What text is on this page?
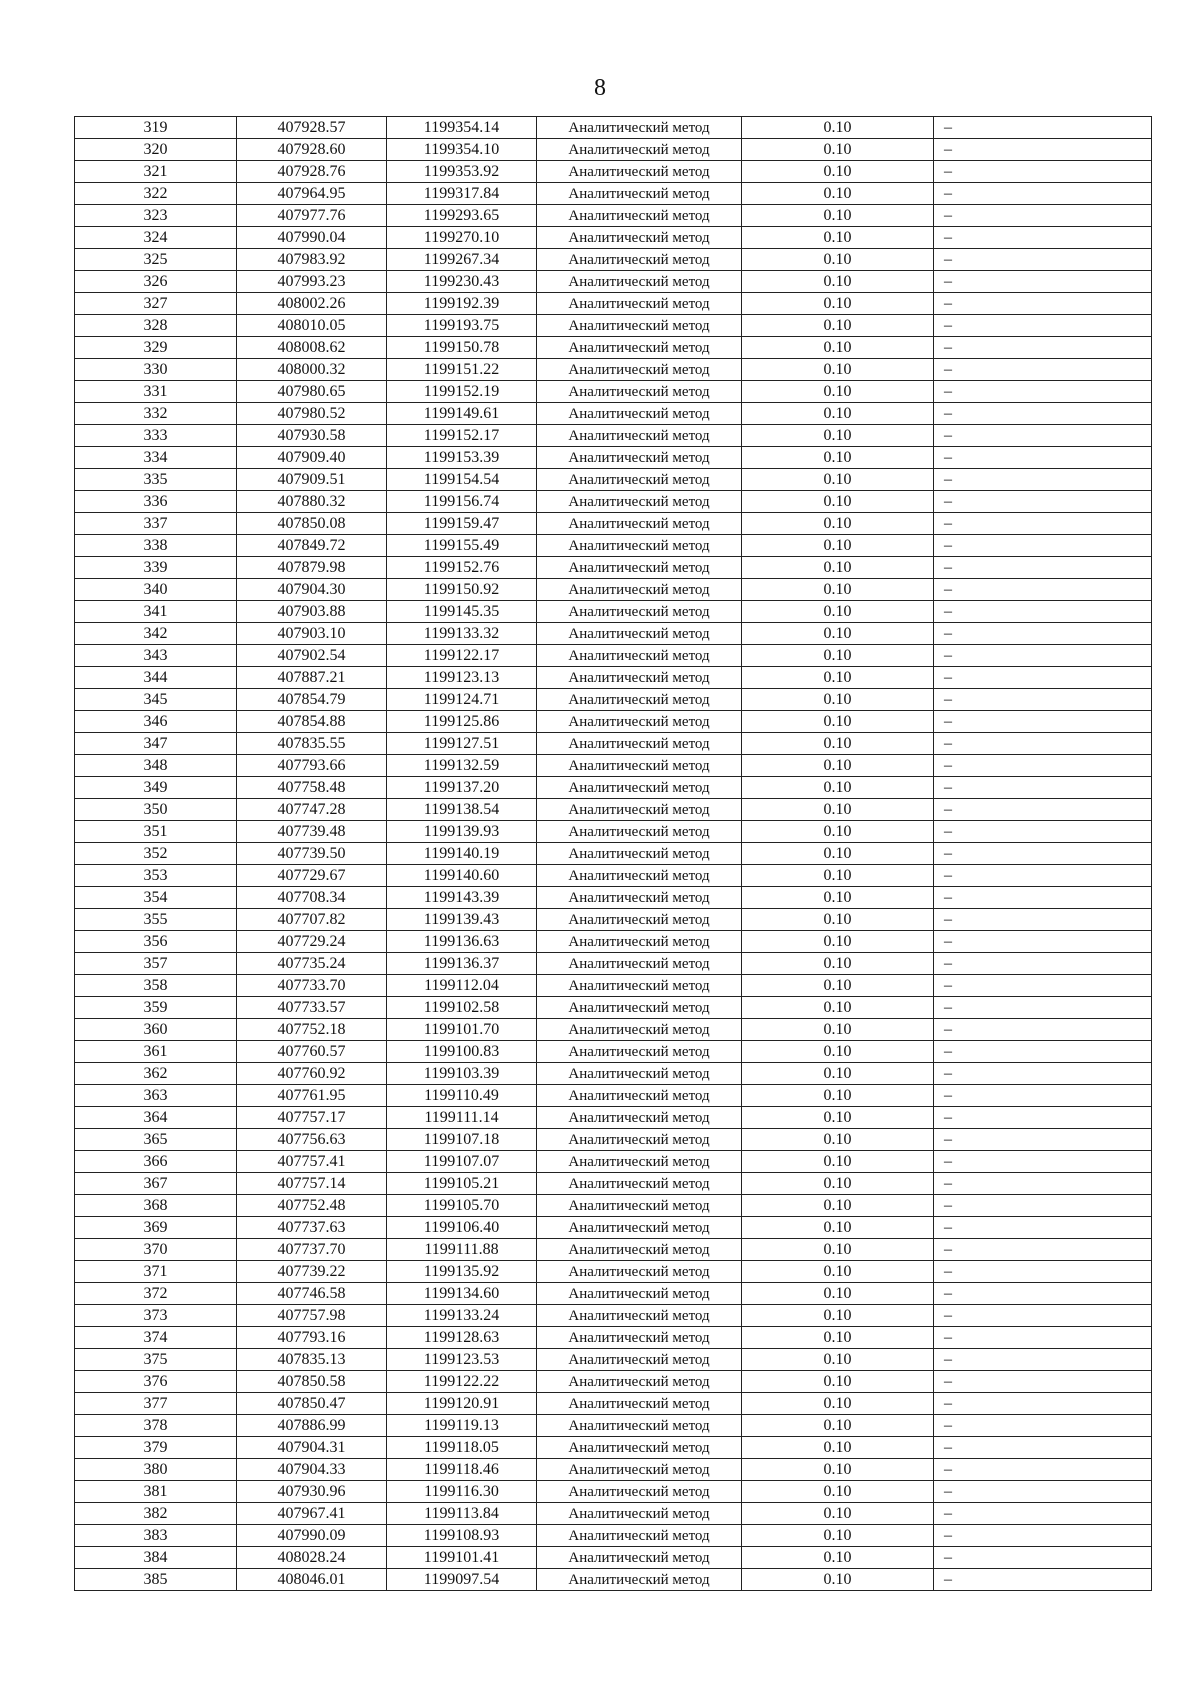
8
319	407928.57	1199354.14	Аналитический метод	0.10	–
320	407928.60	1199354.10	Аналитический метод	0.10	–
321	407928.76	1199353.92	Аналитический метод	0.10	–
322	407964.95	1199317.84	Аналитический метод	0.10	–
323	407977.76	1199293.65	Аналитический метод	0.10	–
324	407990.04	1199270.10	Аналитический метод	0.10	–
325	407983.92	1199267.34	Аналитический метод	0.10	–
326	407993.23	1199230.43	Аналитический метод	0.10	–
327	408002.26	1199192.39	Аналитический метод	0.10	–
328	408010.05	1199193.75	Аналитический метод	0.10	–
329	408008.62	1199150.78	Аналитический метод	0.10	–
330	408000.32	1199151.22	Аналитический метод	0.10	–
331	407980.65	1199152.19	Аналитический метод	0.10	–
332	407980.52	1199149.61	Аналитический метод	0.10	–
333	407930.58	1199152.17	Аналитический метод	0.10	–
334	407909.40	1199153.39	Аналитический метод	0.10	–
335	407909.51	1199154.54	Аналитический метод	0.10	–
336	407880.32	1199156.74	Аналитический метод	0.10	–
337	407850.08	1199159.47	Аналитический метод	0.10	–
338	407849.72	1199155.49	Аналитический метод	0.10	–
339	407879.98	1199152.76	Аналитический метод	0.10	–
340	407904.30	1199150.92	Аналитический метод	0.10	–
341	407903.88	1199145.35	Аналитический метод	0.10	–
342	407903.10	1199133.32	Аналитический метод	0.10	–
343	407902.54	1199122.17	Аналитический метод	0.10	–
344	407887.21	1199123.13	Аналитический метод	0.10	–
345	407854.79	1199124.71	Аналитический метод	0.10	–
346	407854.88	1199125.86	Аналитический метод	0.10	–
347	407835.55	1199127.51	Аналитический метод	0.10	–
348	407793.66	1199132.59	Аналитический метод	0.10	–
349	407758.48	1199137.20	Аналитический метод	0.10	–
350	407747.28	1199138.54	Аналитический метод	0.10	–
351	407739.48	1199139.93	Аналитический метод	0.10	–
352	407739.50	1199140.19	Аналитический метод	0.10	–
353	407729.67	1199140.60	Аналитический метод	0.10	–
354	407708.34	1199143.39	Аналитический метод	0.10	–
355	407707.82	1199139.43	Аналитический метод	0.10	–
356	407729.24	1199136.63	Аналитический метод	0.10	–
357	407735.24	1199136.37	Аналитический метод	0.10	–
358	407733.70	1199112.04	Аналитический метод	0.10	–
359	407733.57	1199102.58	Аналитический метод	0.10	–
360	407752.18	1199101.70	Аналитический метод	0.10	–
361	407760.57	1199100.83	Аналитический метод	0.10	–
362	407760.92	1199103.39	Аналитический метод	0.10	–
363	407761.95	1199110.49	Аналитический метод	0.10	–
364	407757.17	1199111.14	Аналитический метод	0.10	–
365	407756.63	1199107.18	Аналитический метод	0.10	–
366	407757.41	1199107.07	Аналитический метод	0.10	–
367	407757.14	1199105.21	Аналитический метод	0.10	–
368	407752.48	1199105.70	Аналитический метод	0.10	–
369	407737.63	1199106.40	Аналитический метод	0.10	–
370	407737.70	1199111.88	Аналитический метод	0.10	–
371	407739.22	1199135.92	Аналитический метод	0.10	–
372	407746.58	1199134.60	Аналитический метод	0.10	–
373	407757.98	1199133.24	Аналитический метод	0.10	–
374	407793.16	1199128.63	Аналитический метод	0.10	–
375	407835.13	1199123.53	Аналитический метод	0.10	–
376	407850.58	1199122.22	Аналитический метод	0.10	–
377	407850.47	1199120.91	Аналитический метод	0.10	–
378	407886.99	1199119.13	Аналитический метод	0.10	–
379	407904.31	1199118.05	Аналитический метод	0.10	–
380	407904.33	1199118.46	Аналитический метод	0.10	–
381	407930.96	1199116.30	Аналитический метод	0.10	–
382	407967.41	1199113.84	Аналитический метод	0.10	–
383	407990.09	1199108.93	Аналитический метод	0.10	–
384	408028.24	1199101.41	Аналитический метод	0.10	–
385	408046.01	1199097.54	Аналитический метод	0.10	–
